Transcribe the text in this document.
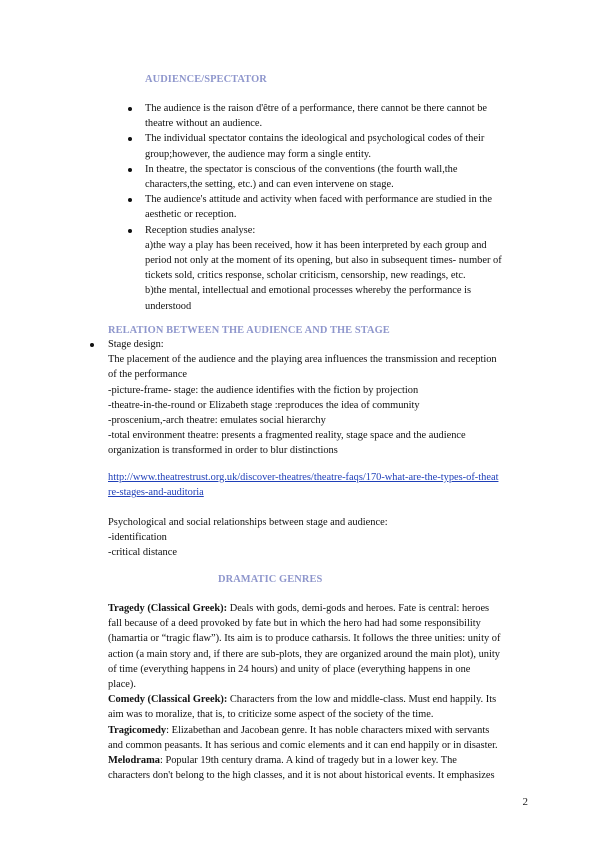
AUDIENCE/SPECTATOR
The audience is the raison d'être of a performance, there cannot be there cannot be
theatre without an audience.
The individual spectator contains the ideological and psychological codes of their
group;however, the audience may form a single entity.
In theatre, the spectator is conscious of the conventions (the fourth wall,the
characters,the setting, etc.) and can even intervene on stage.
The audience's attitude and activity when faced with performance are studied in the
aesthetic or reception.
Reception studies analyse:
a)the way a play has been received, how it has been interpreted by each group and
period not only at the moment of its opening, but also in subsequent times- number of
tickets sold, critics response, scholar criticism, censorship, new readings, etc.
b)the mental, intellectual and emotional processes whereby the performance is
understood
RELATION BETWEEN THE AUDIENCE AND THE STAGE
Stage design:
The placement of the audience and the playing area influences the transmission and reception
of the performance
-picture-frame- stage: the audience identifies with the fiction by projection
-theatre-in-the-round or Elizabeth stage :reproduces the idea of community
-proscenium,-arch theatre: emulates social hierarchy
-total environment theatre: presents a fragmented reality, stage space and the audience
organization is transformed in order to blur distinctions
http://www.theatrestrust.org.uk/discover-theatres/theatre-faqs/170-what-are-the-types-of-theat
re-stages-and-auditoria
Psychological and social relationships between stage and audience:
-identification
-critical distance
DRAMATIC GENRES
Tragedy (Classical Greek): Deals with gods, demi-gods and heroes. Fate is central: heroes
fall because of a deed provoked by fate but in which the hero had had some responsibility
(hamartia or “tragic flaw”). Its aim is to produce catharsis. It follows the three unities: unity of
action (a main story and, if there are sub-plots, they are organized around the main plot), unity
of time (everything happens in 24 hours) and unity of place (everything happens in one
place).
Comedy (Classical Greek): Characters from the low and middle-class. Must end happily. Its
aim was to moralize, that is, to criticize some aspect of the society of the time.
Tragicomedy: Elizabethan and Jacobean genre. It has noble characters mixed with servants
and common peasants. It has serious and comic elements and it can end happily or in disaster.
Melodrama: Popular 19th century drama. A kind of tragedy but in a lower key. The
characters don't belong to the high classes, and it is not about historical events. It emphasizes
2
